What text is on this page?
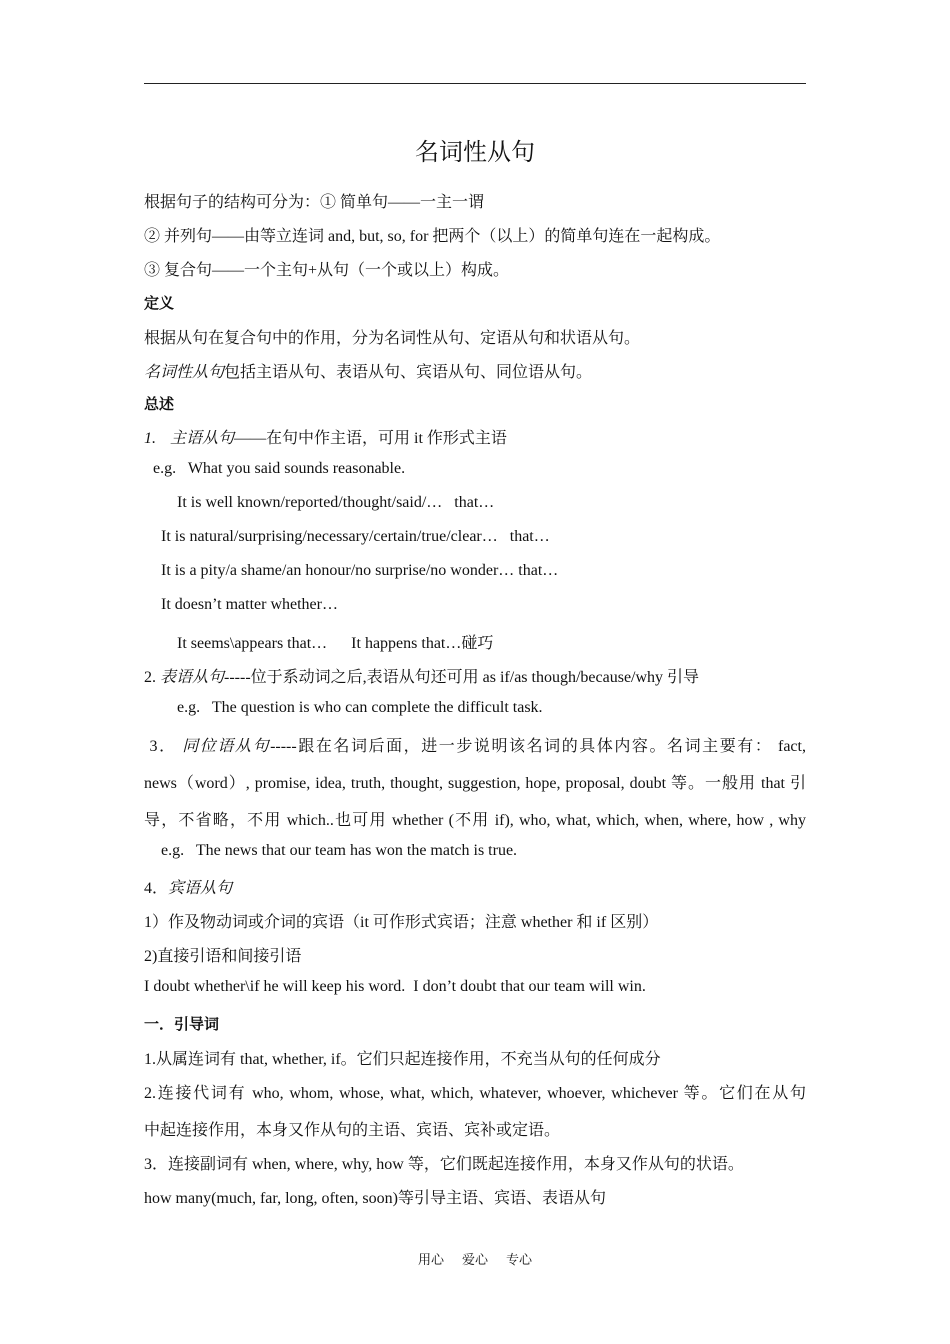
名词性从句
根据句子的结构可分为：① 简单句——一主一谓
② 并列句——由等立连词 and, but, so, for 把两个（以上）的简单句连在一起构成。
③ 复合句——一个主句+从句（一个或以上）构成。
定义
根据从句在复合句中的作用，分为名词性从句、定语从句和状语从句。
名词性从句包括主语从句、表语从句、宾语从句、同位语从句。
总述
1. 主语从句——在句中作主语，可用 it 作形式主语
e.g.   What you said sounds reasonable.
It is well known/reported/thought/said/…   that…
It is natural/surprising/necessary/certain/true/clear…   that…
It is a pity/a shame/an honour/no surprise/no wonder… that…
It doesn’t matter whether…
It seems\appears that…      It happens that…碰巧
2. 表语从句-----位于系动词之后,表语从句还可用 as if/as though/because/why 引导
e.g.   The question is who can complete the difficult task.
3． 同位语从句-----跟在名词后面，进一步说明该名词的具体内容。名词主要有： fact,
news（word）, promise, idea, truth, thought, suggestion, hope, proposal, doubt 等。一般用 that 引
导，不省略，不用 which..也可用 whether (不用 if), who, what, which, when, where, how , why
e.g.   The news that our team has won the match is true.
4．宾语从句
1）作及物动词或介词的宾语（it 可作形式宾语；注意 whether 和 if 区别）
2)直接引语和间接引语
I doubt whether\if he will keep his word.  I don’t doubt that our team will win.
一．引导词
1.从属连词有 that, whether, if。它们只起连接作用，不充当从句的任何成分
2.连接代词有 who, whom, whose, what, which, whatever, whoever, whichever 等。它们在从句
中起连接作用，本身又作从句的主语、宾语、宾补或定语。
3．连接副词有 when, where, why, how 等，它们既起连接作用，本身又作从句的状语。
how many(much, far, long, often, soon)等引导主语、宾语、表语从句
用心 爱心 专心
